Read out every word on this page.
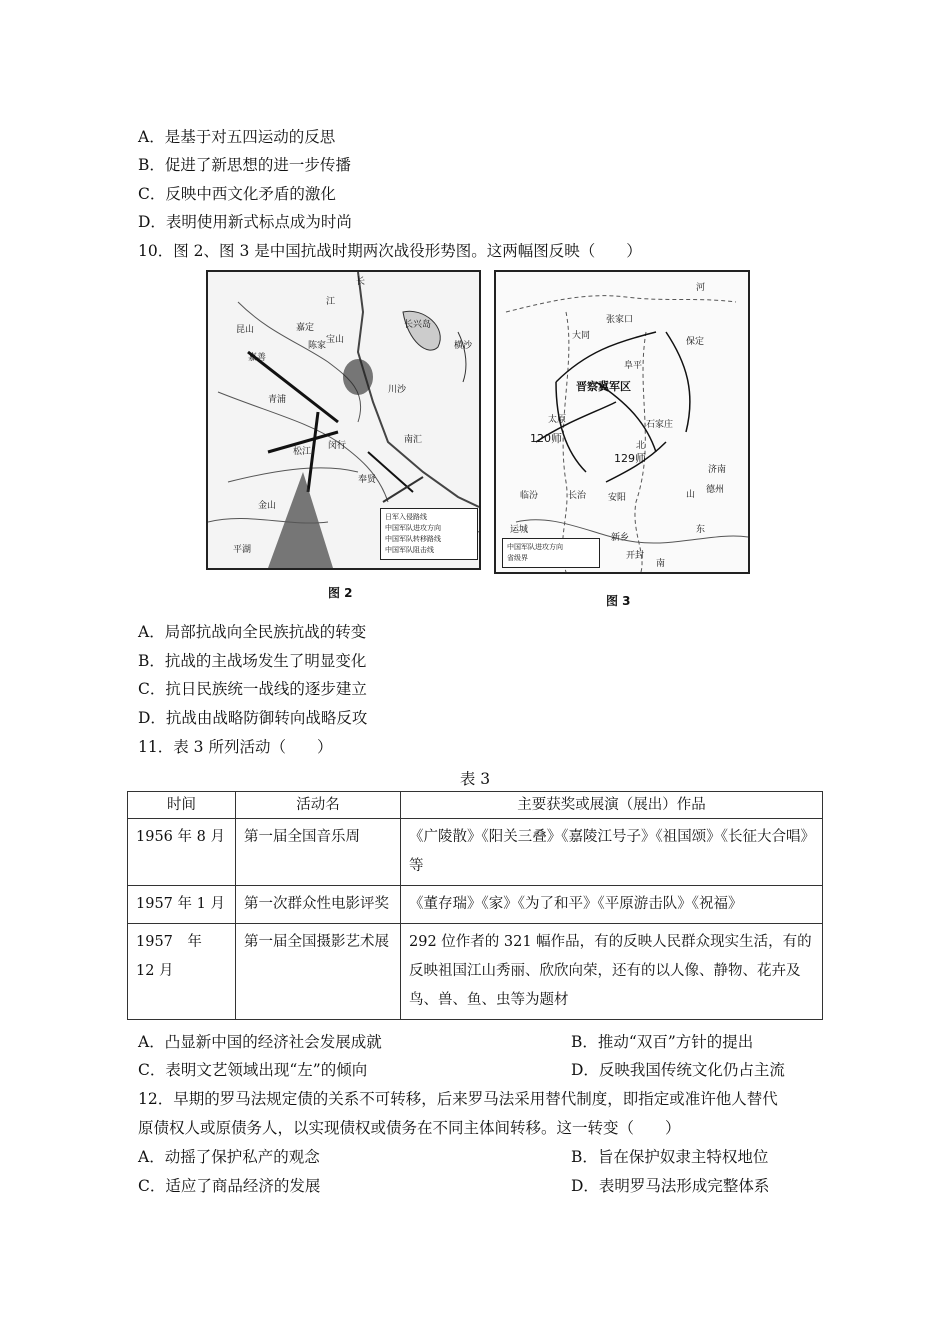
A．是基于对五四运动的反思
B．促进了新思想的进一步传播
C．反映中西文化矛盾的激化
D．表明使用新式标点成为时尚
10．图 2、图 3 是中国抗战时期两次战役形势图。这两幅图反映（　　）
长
江
嘉定
宝山
长兴岛
陈家
青浦
松江
闵行
川沙
南汇
奉贤
金山
平湖
嘉善
昆山
横沙
日军入侵路线
中国军队进攻方向
中国军队转移路线
中国军队阻击线
图 2
晋察冀军区
120师
129师
张家口
大同
保定
石家庄
太原
济南
开封
阜平
临汾	长治 安阳
德州
运城
新乡
河
北
山
东
南
中国军队进攻方向
省级界
图 3
A．局部抗战向全民族抗战的转变
B．抗战的主战场发生了明显变化
C．抗日民族统一战线的逐步建立
D．抗战由战略防御转向战略反攻
11．表 3 所列活动（　　）
表 3
时间	活动名	主要获奖或展演（展出）作品
1956 年 8 月	第一届全国音乐周	《广陵散》《阳关三叠》《嘉陵江号子》《祖国颂》《长征大合唱》等
1957 年 1 月	第一次群众性电影评奖	《董存瑞》《家》《为了和平》《平原游击队》《祝福》
1957　年　12 月	第一届全国摄影艺术展	292 位作者的 321 幅作品，有的反映人民群众现实生活，有的反映祖国江山秀丽、欣欣向荣，还有的以人像、静物、花卉及鸟、兽、鱼、虫等为题材
A．凸显新中国的经济社会发展成就	B．推动“双百”方针的提出
C．表明文艺领域出现“左”的倾向	D．反映我国传统文化仍占主流
12．早期的罗马法规定债的关系不可转移，后来罗马法采用替代制度，即指定或准许他人替代
原债权人或原债务人，以实现债权或债务在不同主体间转移。这一转变（　　）
A．动摇了保护私产的观念	B．旨在保护奴隶主特权地位
C．适应了商品经济的发展	D．表明罗马法形成完整体系
